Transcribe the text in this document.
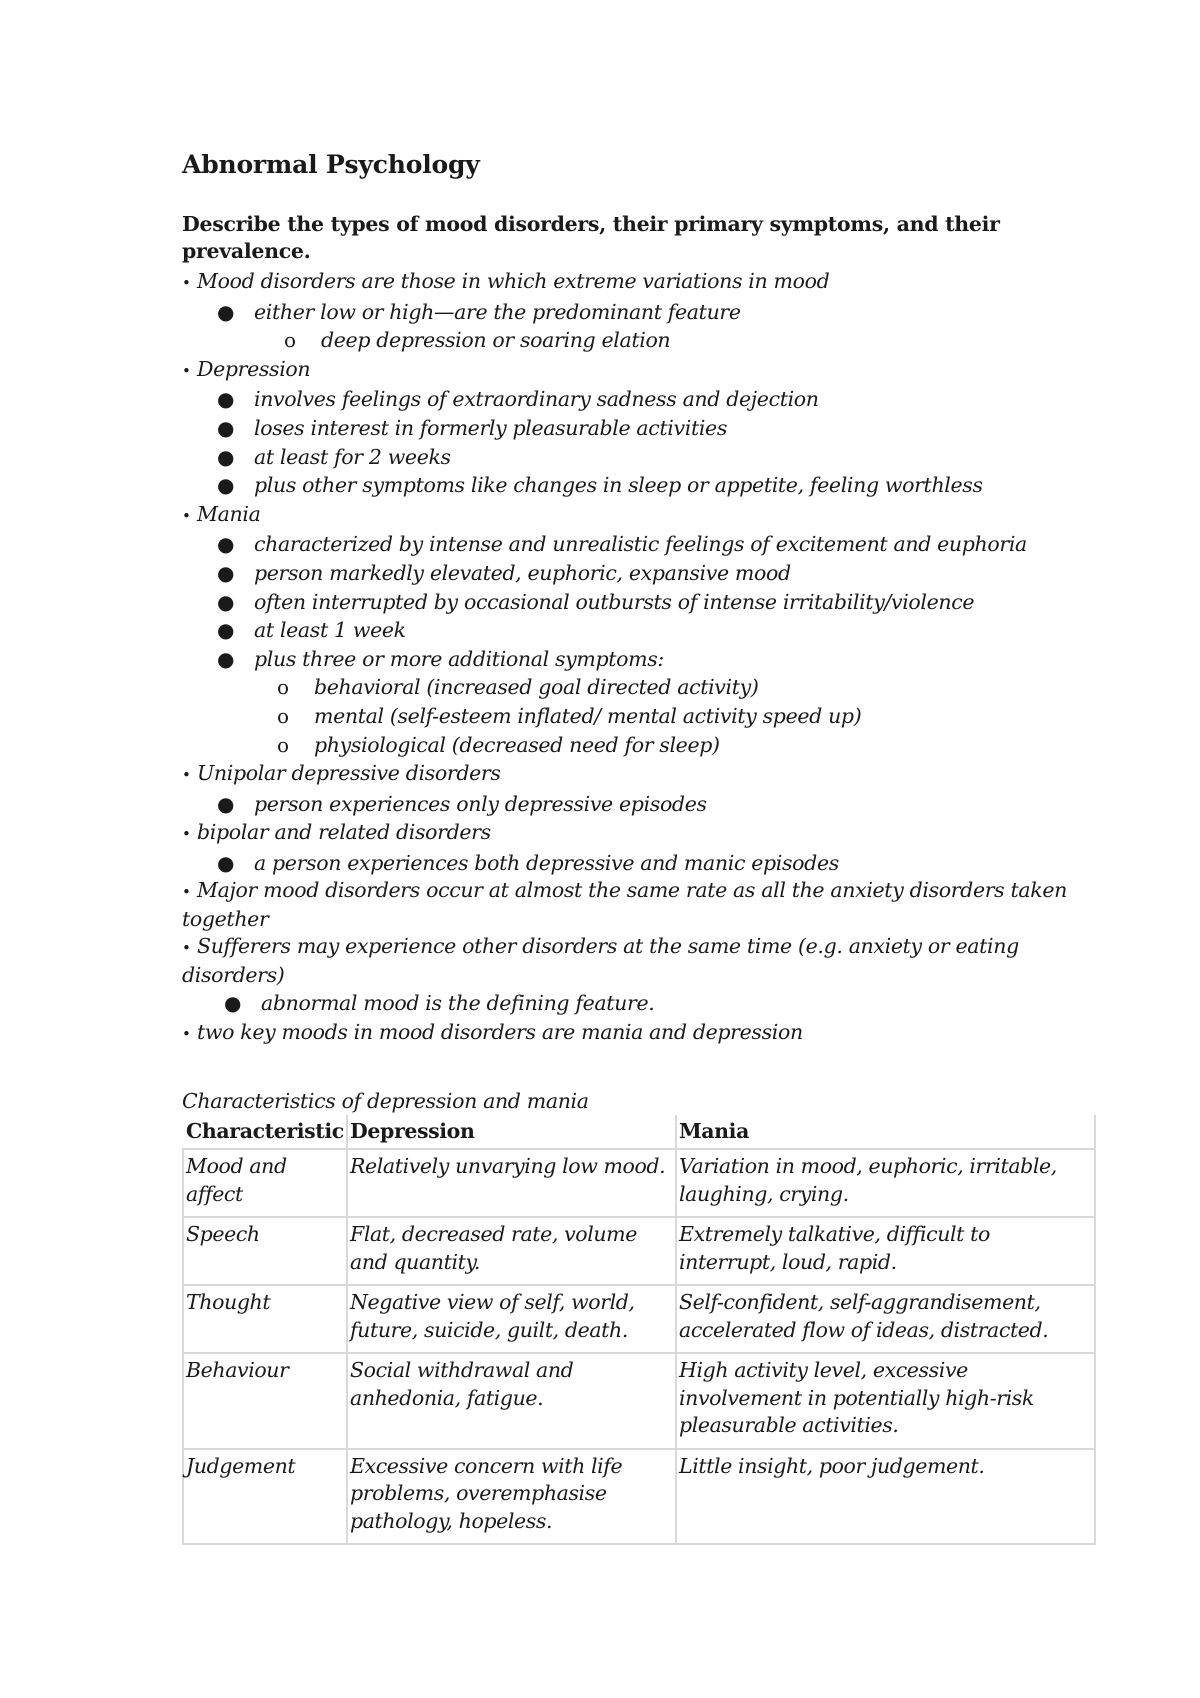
Abnormal Psychology
Describe the types of mood disorders, their primary symptoms, and their prevalence.
• Mood disorders are those in which extreme variations in mood
● either low or high—are the predominant feature
o deep depression or soaring elation
• Depression
● involves feelings of extraordinary sadness and dejection
● loses interest in formerly pleasurable activities
● at least for 2 weeks
● plus other symptoms like changes in sleep or appetite, feeling worthless
• Mania
● characterized by intense and unrealistic feelings of excitement and euphoria
● person markedly elevated, euphoric, expansive mood
● often interrupted by occasional outbursts of intense irritability/violence
● at least 1 week
● plus three or more additional symptoms:
o behavioral (increased goal directed activity)
o mental (self-esteem inflated/ mental activity speed up)
o physiological (decreased need for sleep)
• Unipolar depressive disorders
● person experiences only depressive episodes
• bipolar and related disorders
● a person experiences both depressive and manic episodes
• Major mood disorders occur at almost the same rate as all the anxiety disorders taken together
• Sufferers may experience other disorders at the same time (e.g. anxiety or eating disorders)
● abnormal mood is the defining feature.
• two key moods in mood disorders are mania and depression
Characteristics of depression and mania
Characteristic	Depression	Mania
Mood and affect	Relatively unvarying low mood.	Variation in mood, euphoric, irritable, laughing, crying.
Speech	Flat, decreased rate, volume and quantity.	Extremely talkative, difficult to interrupt, loud, rapid.
Thought	Negative view of self, world, future, suicide, guilt, death.	Self-confident, self-aggrandisement, accelerated flow of ideas, distracted.
Behaviour	Social withdrawal and anhedonia, fatigue.	High activity level, excessive involvement in potentially high-risk pleasurable activities.
Judgement	Excessive concern with life problems, overemphasise pathology, hopeless.	Little insight, poor judgement.
